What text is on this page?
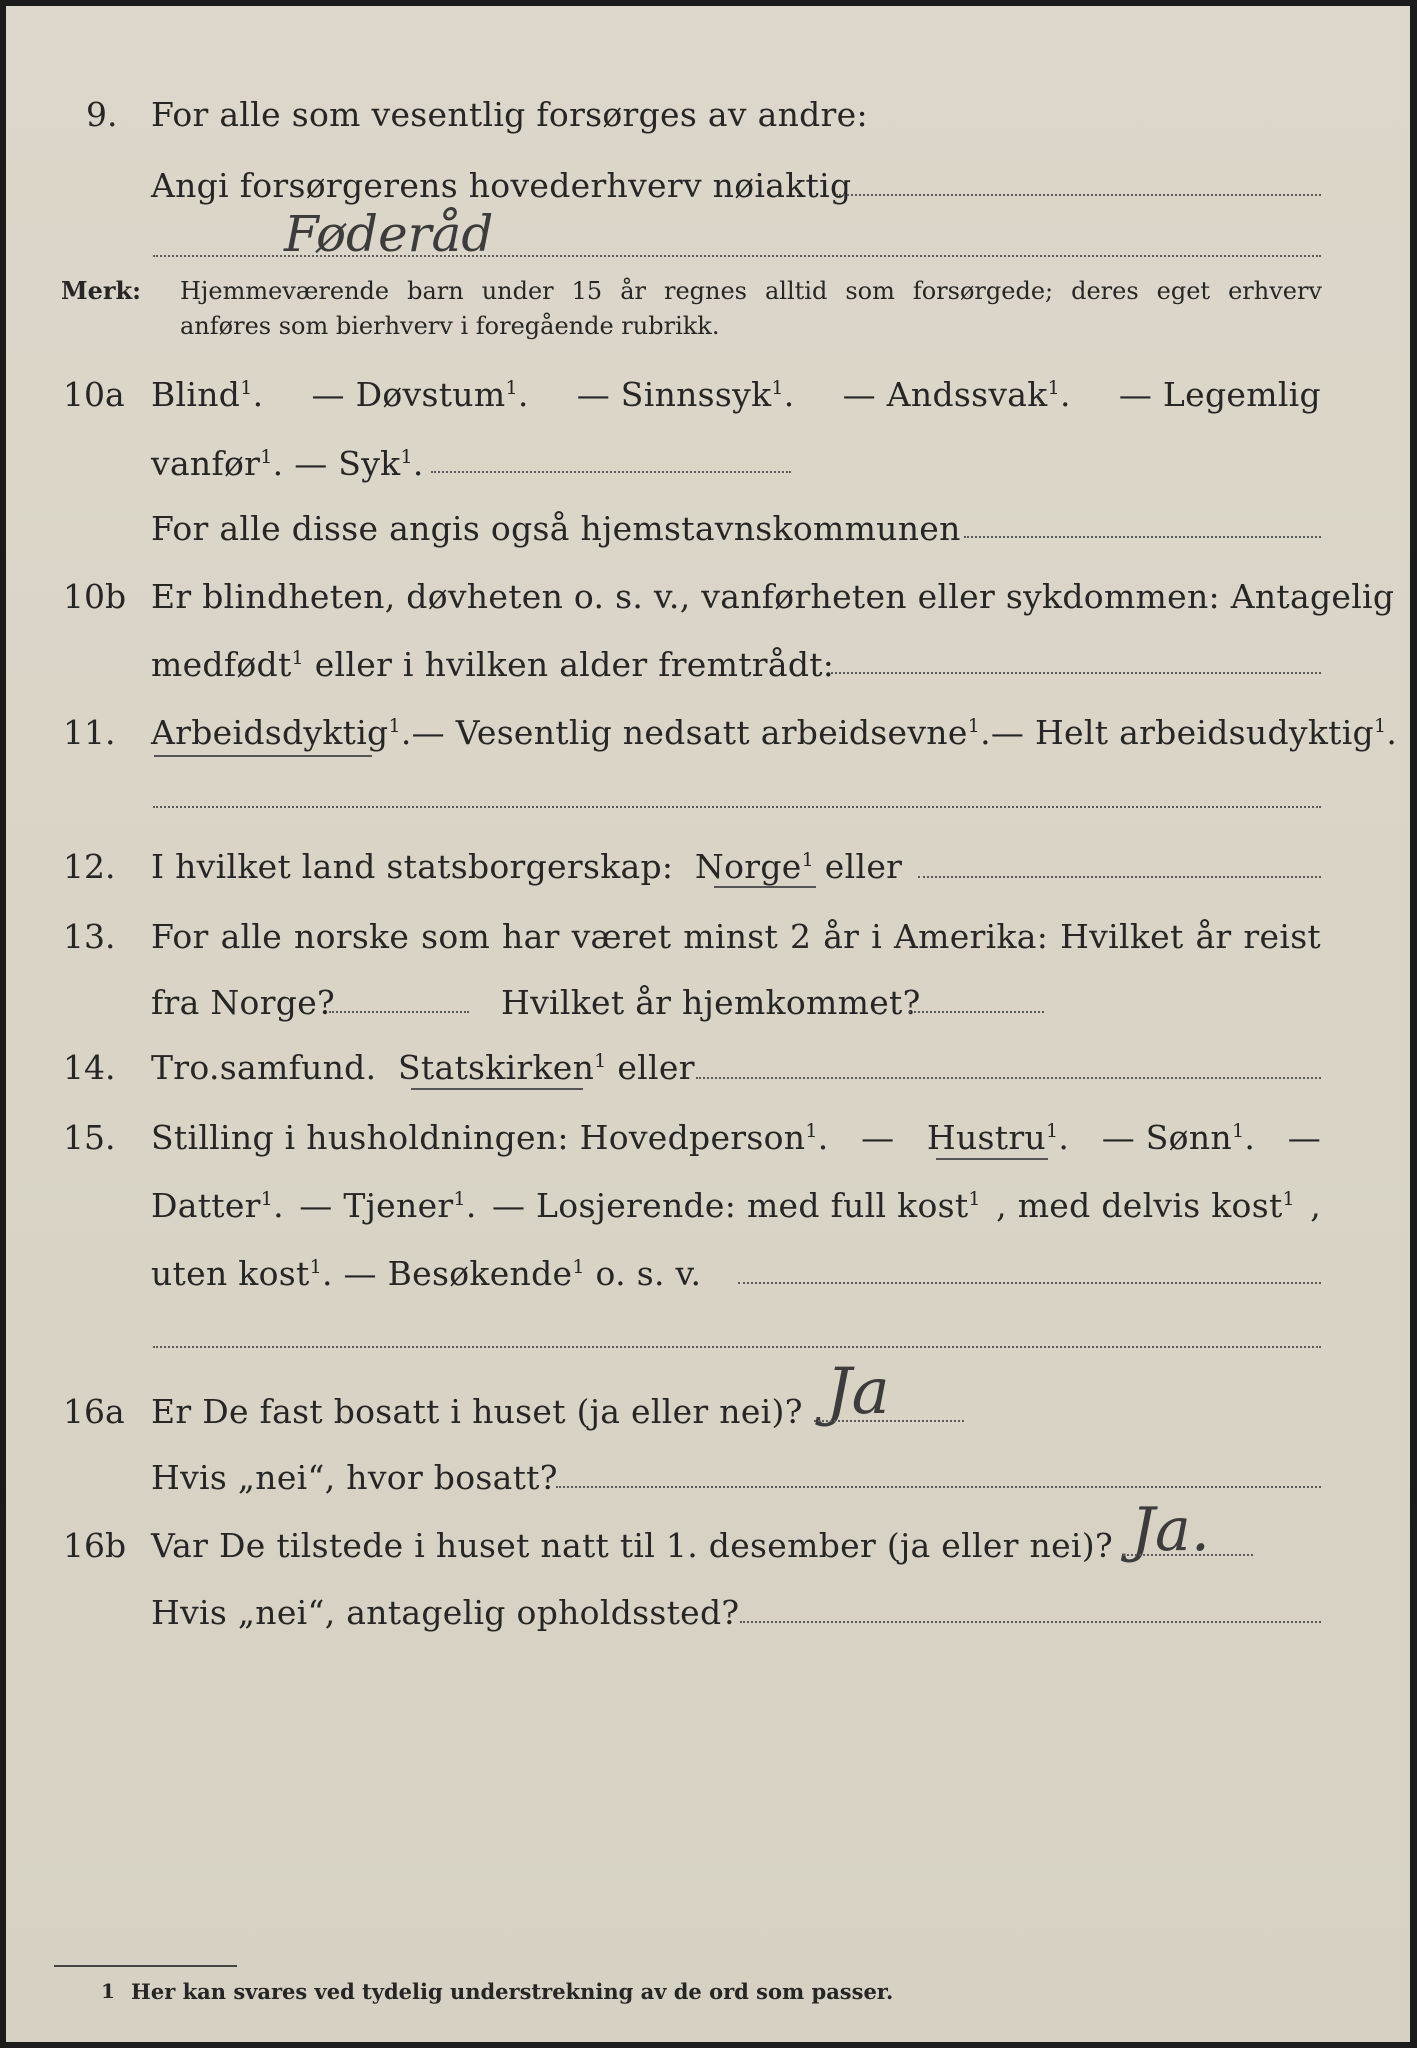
9. For alle som vesentlig forsørges av andre:
Angi forsørgerens hovederhverv nøiaktig
Føderåd
Merk: Hjemmeværende barn under 15 år regnes alltid som forsørgede; deres eget erhverv
anføres som bierhverv i foregående rubrikk.
10a Blind$^1$. — Døvstum$^1$. — Sinnssyk$^1$. — Andssvak$^1$. — Legemlig
vanfør$^1$. — Syk$^1$.
For alle disse angis også hjemstavnskommunen
10b Er blindheten, døvheten o. s. v., vanførheten eller sykdommen: Antagelig
medfødt$^1$ eller i hvilken alder fremtrådt:
11. Arbeidsdyktig$^1$. — Vesentlig nedsatt arbeidsevne$^1$. — Helt arbeidsudyktig$^1$.
12. I hvilket land statsborgerskap: Norge$^1$ eller
13. For alle norske som har været minst 2 år i Amerika: Hvilket år reist
fra Norge?	Hvilket år hjemkommet?
14. Tro.samfund. Statskirken$^1$ eller
15. Stilling i husholdningen: Hovedperson$^1$. — Hustru$^1$. — Sønn$^1$. —
Datter$^1$. — Tjener$^1$. — Losjerende: med full kost$^1$ , med delvis kost$^1$ ,
uten kost$^1$. — Besøkende$^1$ o. s. v.
16a Er De fast bosatt i huset (ja eller nei)? Ja
Hvis „nei“, hvor bosatt?
16b Var De tilstede i huset natt til 1. desember (ja eller nei)? Ja.
Hvis „nei“, antagelig opholdssted?
1 Her kan svares ved tydelig understrekning av de ord som passer.
